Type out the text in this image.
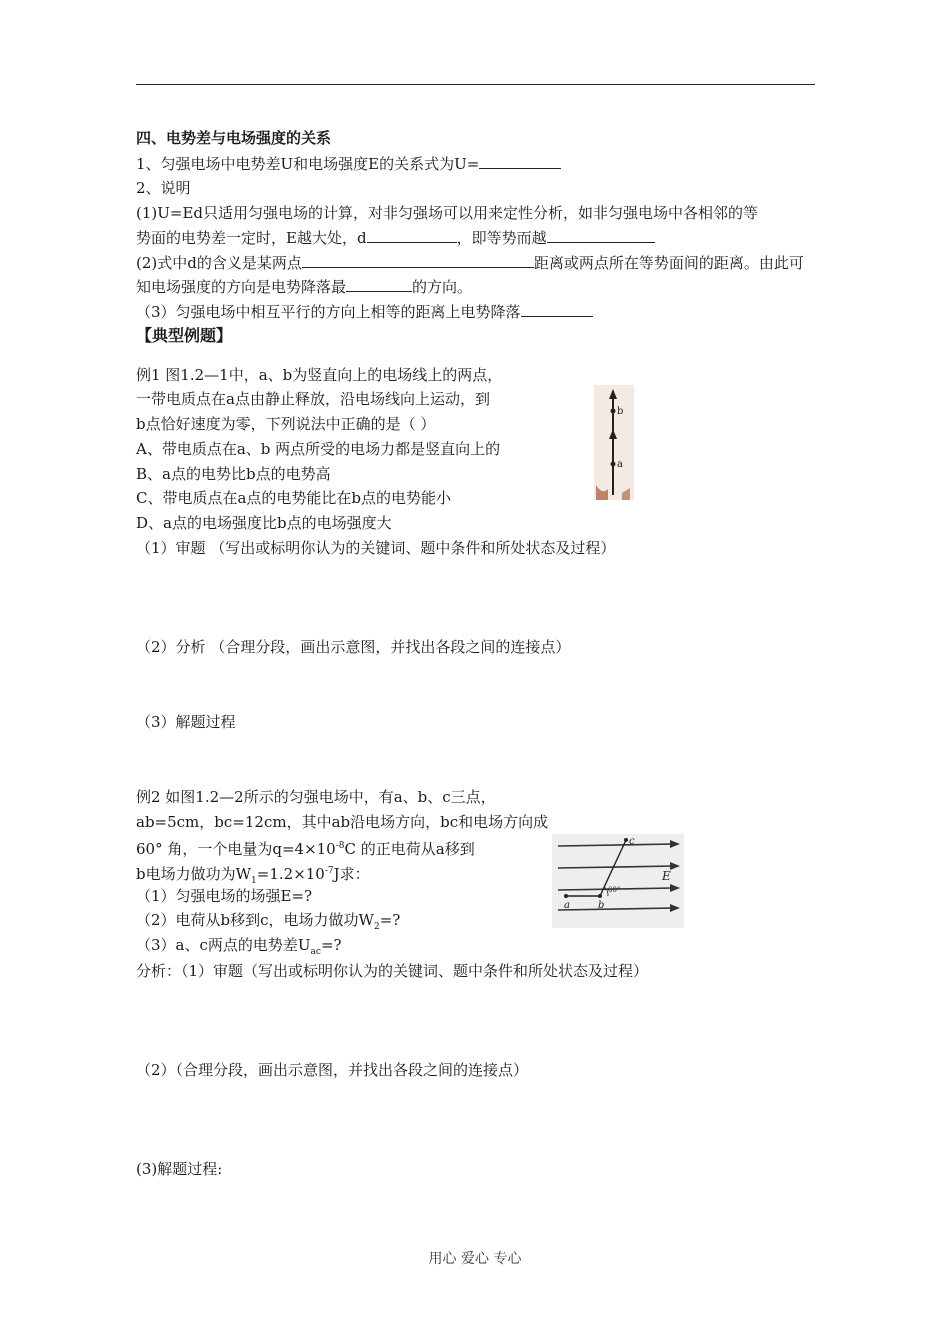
四、电势差与电场强度的关系
1、匀强电场中电势差U和电场强度E的关系式为U=
2、说明
(1)U=Ed只适用匀强电场的计算，对非匀强场可以用来定性分析，如非匀强电场中各相邻的等
势面的电势差一定时，E越大处，d	，即等势而越
(2)式中d的含义是某两点	距离或两点所在等势面间的距离。由此可
知电场强度的方向是电势降落最	的方向。
（3）匀强电场中相互平行的方向上相等的距离上电势降落
【典型例题】
例1 图1.2—1中，a、b为竖直向上的电场线上的两点，
一带电质点在a点由静止释放，沿电场线向上运动，到
b点恰好速度为零，下列说法中正确的是（ ）
A、带电质点在a、b 两点所受的电场力都是竖直向上的
B、a点的电势比b点的电势高
C、带电质点在a点的电势能比在b点的电势能小
D、a点的电场强度比b点的电场强度大
b
a
（1）审题 （写出或标明你认为的关键词、题中条件和所处状态及过程）
（2）分析 （合理分段，画出示意图，并找出各段之间的连接点）
（3）解题过程
例2 如图1.2—2所示的匀强电场中，有a、b、c三点，
ab=5cm，bc=12cm，其中ab沿电场方向，bc和电场方向成
60° 角，一个电量为$q=4\times 10^{-8}C$ 的正电荷从a移到
b电场力做功为$W_1=1.2\times 10^{-7}J$求：
（1）匀强电场的场强E=?
（2）电荷从b移到c，电场力做功$W_2=$?
（3）a、c两点的电势差$U_{ac}=$?
a	b
c
E
60°
分析：（1）审题（写出或标明你认为的关键词、题中条件和所处状态及过程）
（2）（合理分段，画出示意图，并找出各段之间的连接点）
(3)解题过程:
用心 爱心 专心
